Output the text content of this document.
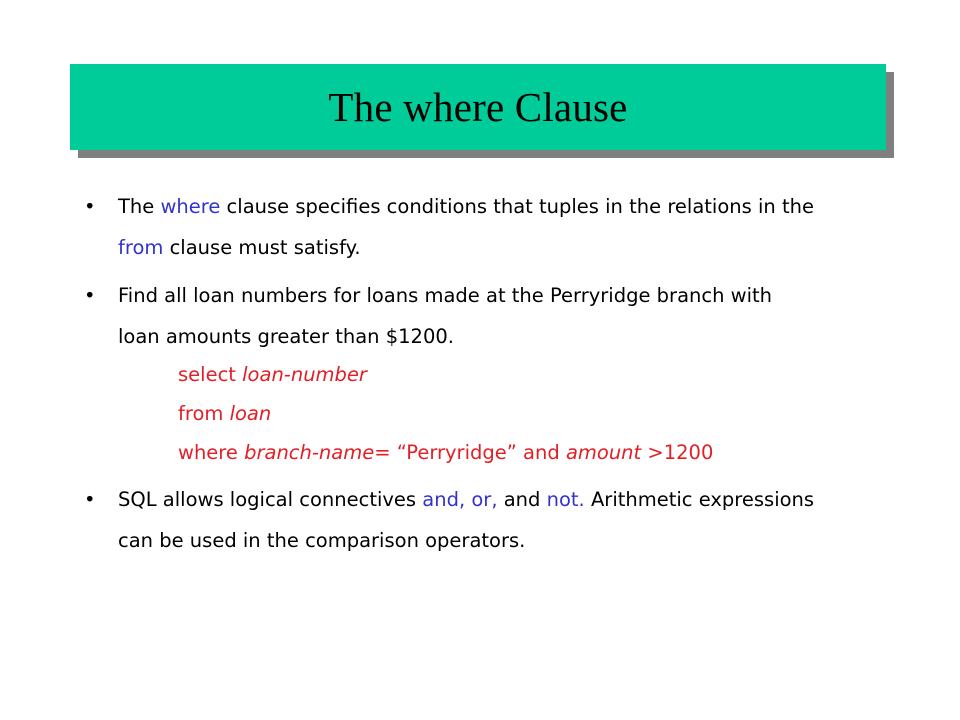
The where Clause
• The where clause specifies conditions that tuples in the relations in the
from clause must satisfy.
• Find all loan numbers for loans made at the Perryridge branch with
loan amounts greater than $1200.
select loan-number
from loan
where branch-name= “Perryridge” and amount >1200
• SQL allows logical connectives and, or, and not. Arithmetic expressions
can be used in the comparison operators.
